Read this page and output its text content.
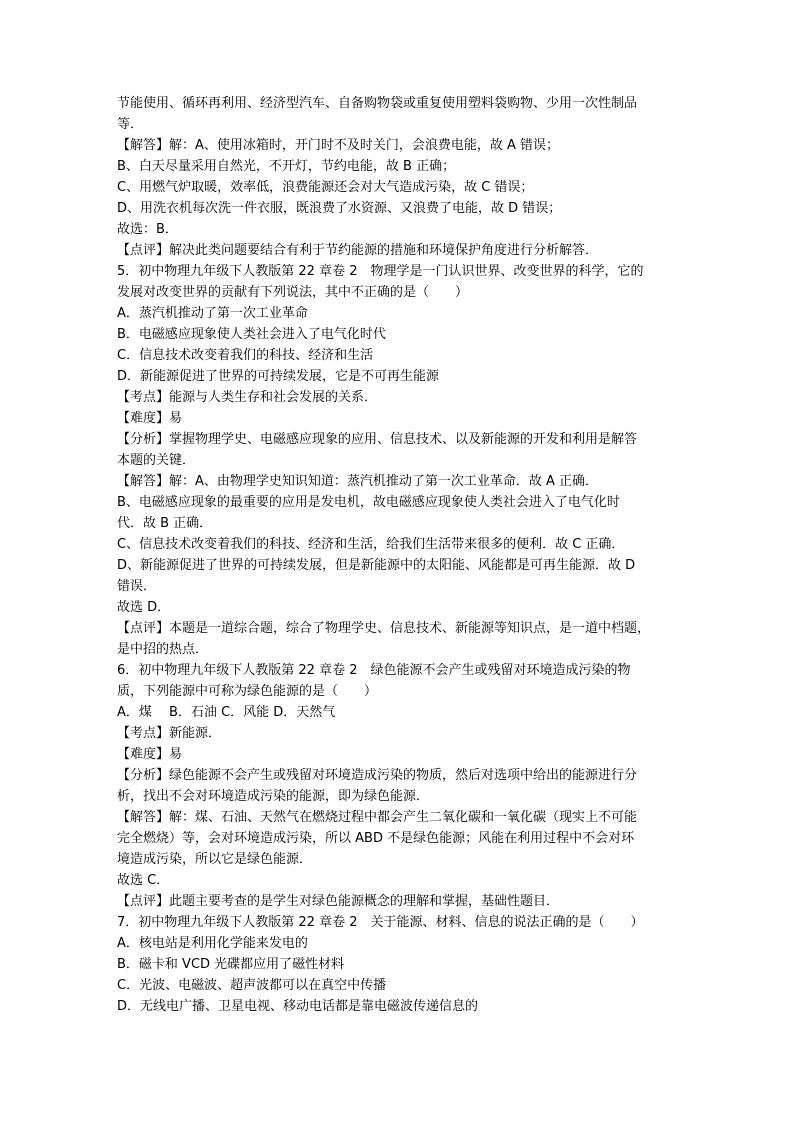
节能使用、循环再利用、经济型汽车、自备购物袋或重复使用塑料袋购物、少用一次性制品
等．
【解答】解：A、使用冰箱时，开门时不及时关门，会浪费电能，故 A 错误；
B、白天尽量采用自然光，不开灯，节约电能，故 B 正确；
C、用燃气炉取暖，效率低，浪费能源还会对大气造成污染，故 C 错误；
D、用洗衣机每次洗一件衣服，既浪费了水资源、又浪费了电能，故 D 错误；
故选：B．
【点评】解决此类问题要结合有利于节约能源的措施和环境保护角度进行分析解答．
5．初中物理九年级下人教版第 22 章卷 2　物理学是一门认识世界、改变世界的科学，它的
发展对改变世界的贡献有下列说法，其中不正确的是（　　）
A．蒸汽机推动了第一次工业革命
B．电磁感应现象使人类社会进入了电气化时代
C．信息技术改变着我们的科技、经济和生活
D．新能源促进了世界的可持续发展，它是不可再生能源
【考点】能源与人类生存和社会发展的关系．
【难度】易
【分析】掌握物理学史、电磁感应现象的应用、信息技术、以及新能源的开发和利用是解答
本题的关键．
【解答】解：A、由物理学史知识知道：蒸汽机推动了第一次工业革命．故 A 正确．
B、电磁感应现象的最重要的应用是发电机，故电磁感应现象使人类社会进入了电气化时
代．故 B 正确．
C、信息技术改变着我们的科技、经济和生活，给我们生活带来很多的便利．故 C 正确．
D、新能源促进了世界的可持续发展，但是新能源中的太阳能、风能都是可再生能源．故 D
错误．
故选 D．
【点评】本题是一道综合题，综合了物理学史、信息技术、新能源等知识点，是一道中档题，
是中招的热点．
6．初中物理九年级下人教版第 22 章卷 2　绿色能源不会产生或残留对环境造成污染的物
质，下列能源中可称为绿色能源的是（　　）
A．煤　 B．石油 C．风能 D．天然气
【考点】新能源．
【难度】易
【分析】绿色能源不会产生或残留对环境造成污染的物质，然后对选项中给出的能源进行分
析，找出不会对环境造成污染的能源，即为绿色能源．
【解答】解：煤、石油、天然气在燃烧过程中都会产生二氧化碳和一氧化碳（现实上不可能
完全燃烧）等，会对环境造成污染，所以 ABD 不是绿色能源；风能在利用过程中不会对环
境造成污染，所以它是绿色能源．
故选 C．
【点评】此题主要考查的是学生对绿色能源概念的理解和掌握，基础性题目．
7．初中物理九年级下人教版第 22 章卷 2　关于能源、材料、信息的说法正确的是（　　）
A．核电站是利用化学能来发电的
B．磁卡和 VCD 光碟都应用了磁性材料
C．光波、电磁波、超声波都可以在真空中传播
D．无线电广播、卫星电视、移动电话都是靠电磁波传递信息的
